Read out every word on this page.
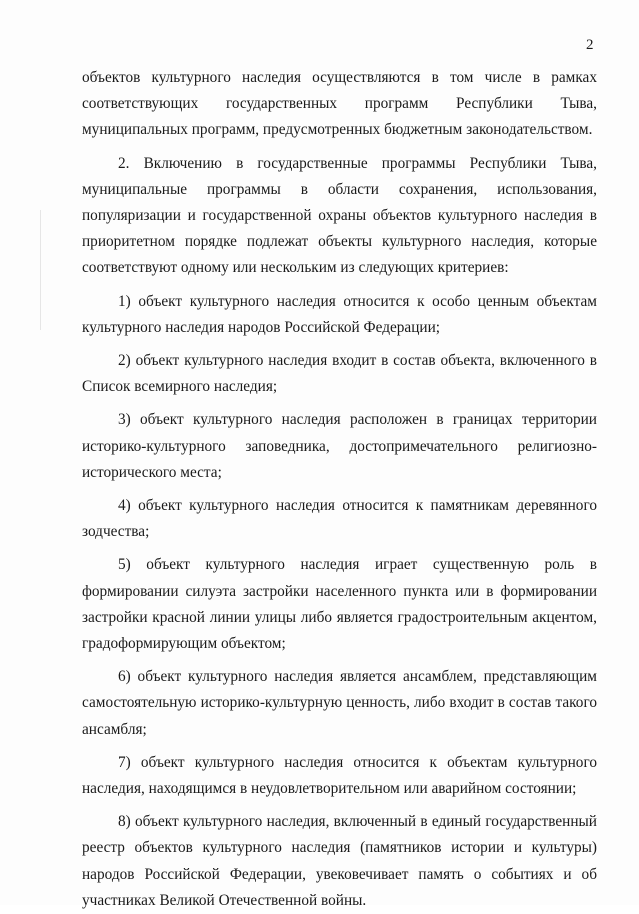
2

объектов культурного наследия осуществляются в том числе в рамках соответствующих государственных программ Республики Тыва, муниципальных программ, предусмотренных бюджетным законодательством.

2. Включению в государственные программы Республики Тыва, муниципальные программы в области сохранения, использования, популяризации и государственной охраны объектов культурного наследия в приоритетном порядке подлежат объекты культурного наследия, которые соответствуют одному или нескольким из следующих критериев:

1) объект культурного наследия относится к особо ценным объектам культурного наследия народов Российской Федерации;

2) объект культурного наследия входит в состав объекта, включенного в Список всемирного наследия;

3) объект культурного наследия расположен в границах территории историко-культурного заповедника, достопримечательного религиозно-исторического места;

4) объект культурного наследия относится к памятникам деревянного зодчества;

5) объект культурного наследия играет существенную роль в формировании силуэта застройки населенного пункта или в формировании застройки красной линии улицы либо является градостроительным акцентом, градоформирующим объектом;

6) объект культурного наследия является ансамблем, представляющим самостоятельную историко-культурную ценность, либо входит в состав такого ансамбля;

7) объект культурного наследия относится к объектам культурного наследия, находящимся в неудовлетворительном или аварийном состоянии;

8) объект культурного наследия, включенный в единый государственный реестр объектов культурного наследия (памятников истории и культуры) народов Российской Федерации, увековечивает память о событиях и об участниках Великой Отечественной войны.
